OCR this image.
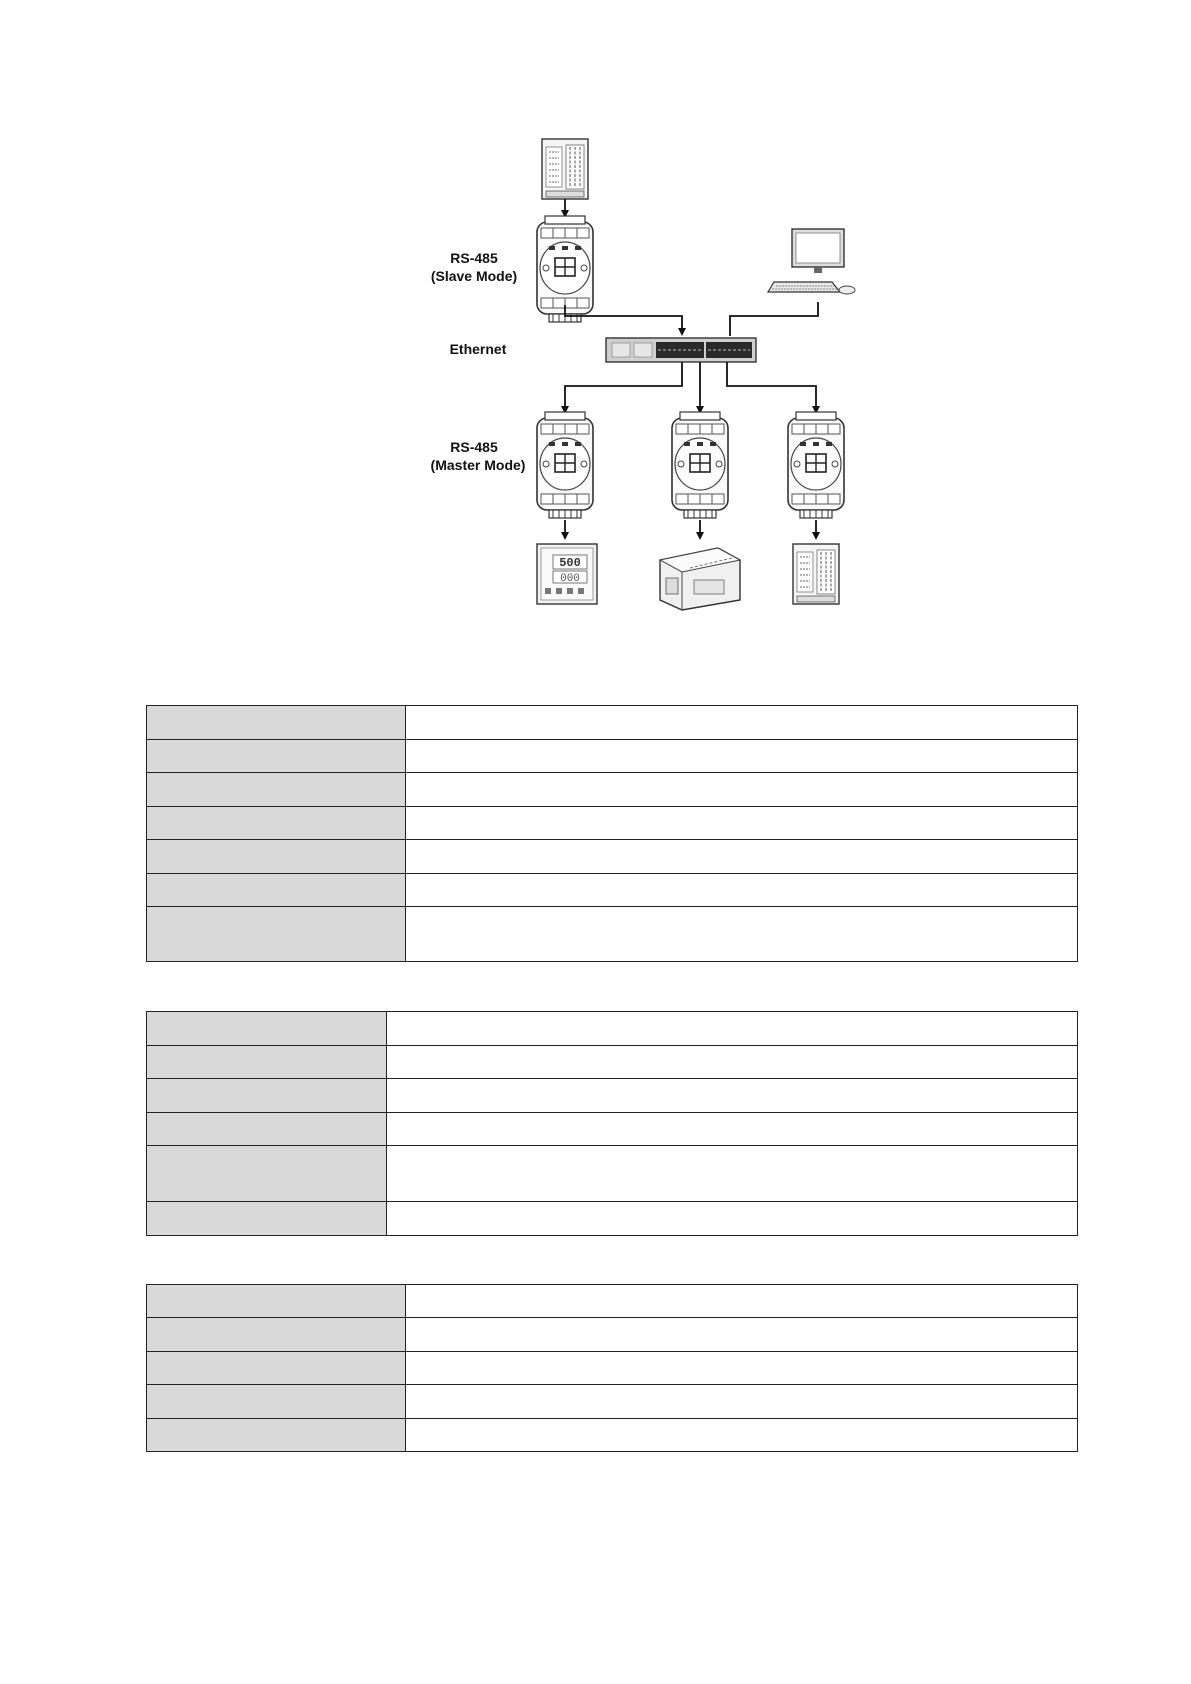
RS-485
(Slave Mode)
Ethernet
RS-485
(Master Mode)
500
000
